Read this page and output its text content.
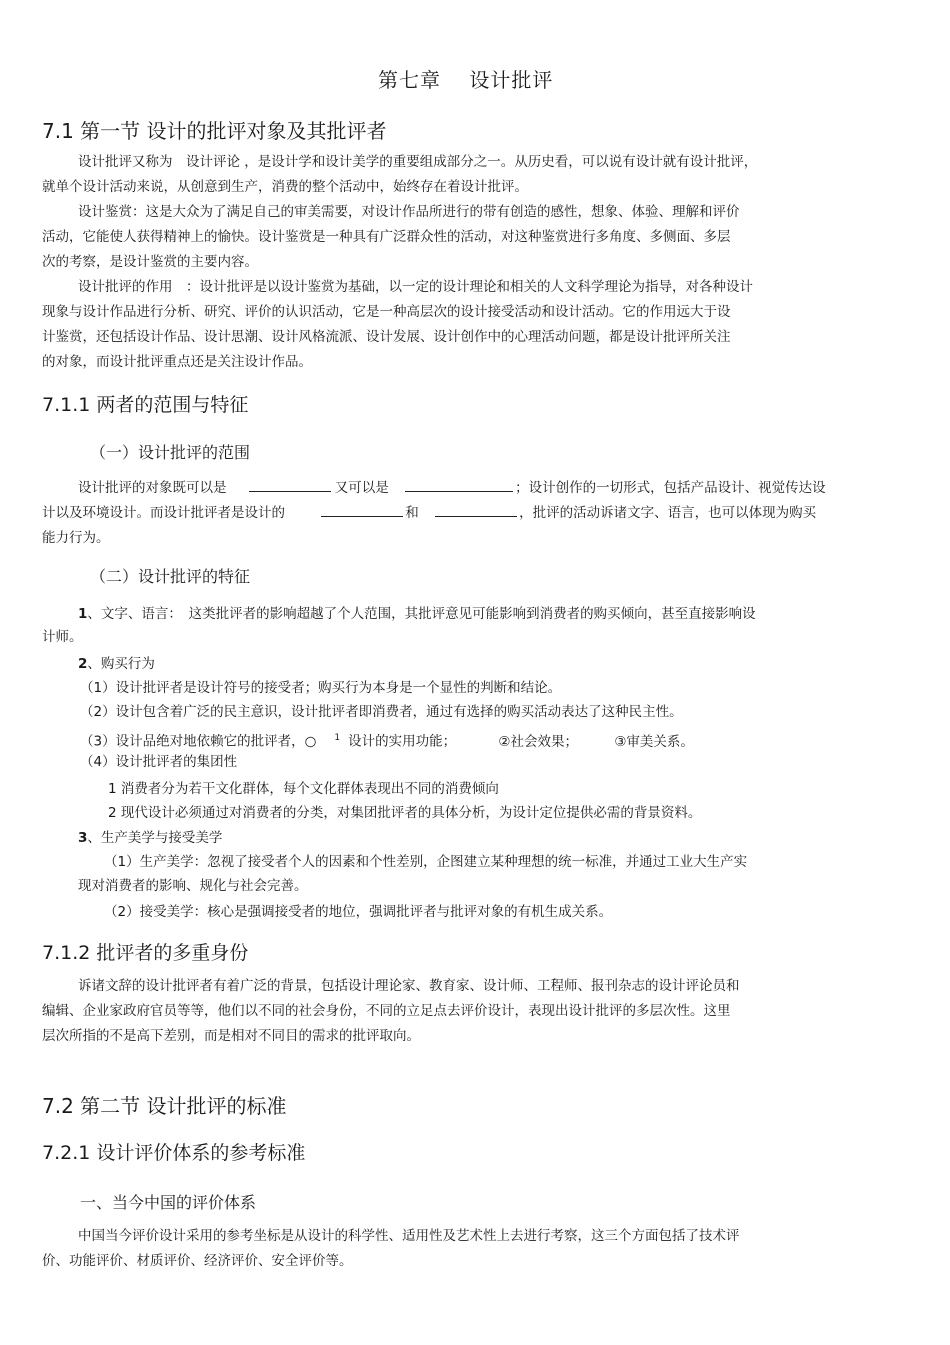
第七章　 设计批评
7.1 第一节 设计的批评对象及其批评者
设计批评又称为　设计评论 ，是设计学和设计美学的重要组成部分之一。从历史看，可以说有设计就有设计批评，
就单个设计活动来说，从创意到生产，消费的整个活动中，始终存在着设计批评。
设计鉴赏：这是大众为了满足自己的审美需要，对设计作品所进行的带有创造的感性，想象、体验、理解和评价
活动，它能使人获得精神上的愉快。设计鉴赏是一种具有广泛群众性的活动，对这种鉴赏进行多角度、多侧面、多层
次的考察，是设计鉴赏的主要内容。
设计批评的作用　：设计批评是以设计鉴赏为基础，以一定的设计理论和相关的人文科学理论为指导，对各种设计
现象与设计作品进行分析、研究、评价的认识活动，它是一种高层次的设计接受活动和设计活动。它的作用远大于设
计鉴赏，还包括设计作品、设计思潮、设计风格流派、设计发展、设计创作中的心理活动问题，都是设计批评所关注
的对象，而设计批评重点还是关注设计作品。
7.1.1 两者的范围与特征
（一）设计批评的范围
设计批评的对象既可以是	又可以是	；设计创作的一切形式，包括产品设计、视觉传达设
计以及环境设计。而设计批评者是设计的	和	，批评的活动诉诸文字、语言，也可以体现为购买
能力行为。
（二）设计批评的特征
1、文字、语言：　这类批评者的影响超越了个人范围，其批评意见可能影响到消费者的购买倾向，甚至直接影响设
计师。
2、购买行为
（1）设计批评者是设计符号的接受者；购买行为本身是一个显性的判断和结论。
（2）设计包含着广泛的民主意识，设计批评者即消费者，通过有选择的购买活动表达了这种民主性。
（3）设计品绝对地依赖它的批评者，○ $^1$ 设计的实用功能；	②社会效果；	③审美关系。
（4）设计批评者的集团性
1 消费者分为若干文化群体，每个文化群体表现出不同的消费倾向
2 现代设计必须通过对消费者的分类，对集团批评者的具体分析，为设计定位提供必需的背景资料。
3、生产美学与接受美学
（1）生产美学：忽视了接受者个人的因素和个性差别，企图建立某种理想的统一标准，并通过工业大生产实
现对消费者的影响、规化与社会完善。
（2）接受美学：核心是强调接受者的地位，强调批评者与批评对象的有机生成关系。
7.1.2 批评者的多重身份
诉诸文辞的设计批评者有着广泛的背景，包括设计理论家、教育家、设计师、工程师、报刊杂志的设计评论员和
编辑、企业家政府官员等等，他们以不同的社会身份，不同的立足点去评价设计，表现出设计批评的多层次性。这里
层次所指的不是高下差别，而是相对不同目的需求的批评取向。
7.2 第二节 设计批评的标准
7.2.1 设计评价体系的参考标准
一、当今中国的评价体系
中国当今评价设计采用的参考坐标是从设计的科学性、适用性及艺术性上去进行考察，这三个方面包括了技术评
价、功能评价、材质评价、经济评价、安全评价等。
